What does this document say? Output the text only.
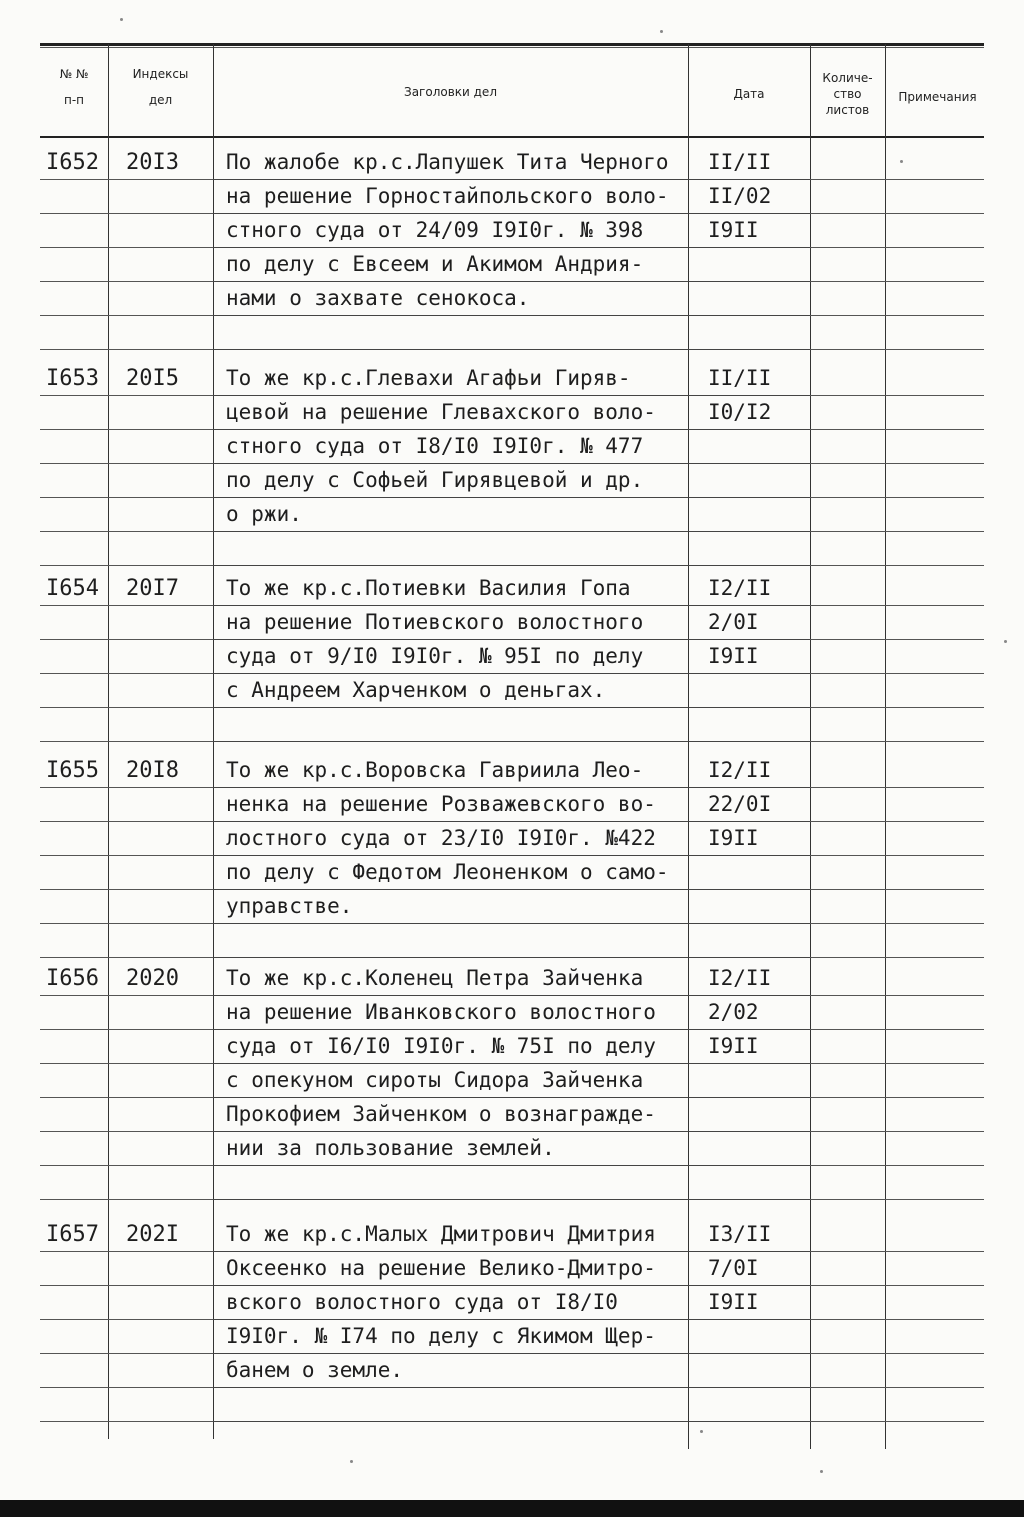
№ №
п-п
Индексы
дел
Заголовки дел	Дата
Количе-
ство
листов
Примечания
I652 20I3 По жалобе кр.с.Лапушек Тита Черного
на решение Горностайпольского воло-
стного суда от 24/09 I9I0г. № 398
по делу с Евсеем и Акимом Андрия-
нами о захвате сенокоса.
II/II
II/02
I9II
I653 20I5 То же кр.с.Глевахи Агафьи Гиряв-
цевой на решение Глевахского воло-
стного суда от I8/I0 I9I0г. № 477
по делу с Софьей Гирявцевой и др.
о ржи.
II/II
I0/I2
I654 20I7 То же кр.с.Потиевки Василия Гопа
на решение Потиевского волостного
суда от 9/I0 I9I0г. № 95I по делу
с Андреем Харченком о деньгах.
I2/II
2/0I
I9II
I655 20I8 То же кр.с.Воровска Гавриила Лео-
ненка на решение Розважевского во-
лостного суда от 23/I0 I9I0г. №422
по делу с Федотом Леоненком о само-
управстве.
I2/II
22/0I
I9II
I656 2020 То же кр.с.Коленец Петра Зайченка
на решение Иванковского волостного
суда от I6/I0 I9I0г. № 75I по делу
с опекуном сироты Сидора Зайченка
Прокофием Зайченком о вознагражде-
нии за пользование землей.
I2/II
2/02
I9II
I657 202I То же кр.с.Малых Дмитрович Дмитрия
Оксеенко на решение Велико-Дмитро-
вского волостного суда от I8/I0
I9I0г. № I74 по делу с Якимом Щер-
банем о земле.
I3/II
7/0I
I9II
